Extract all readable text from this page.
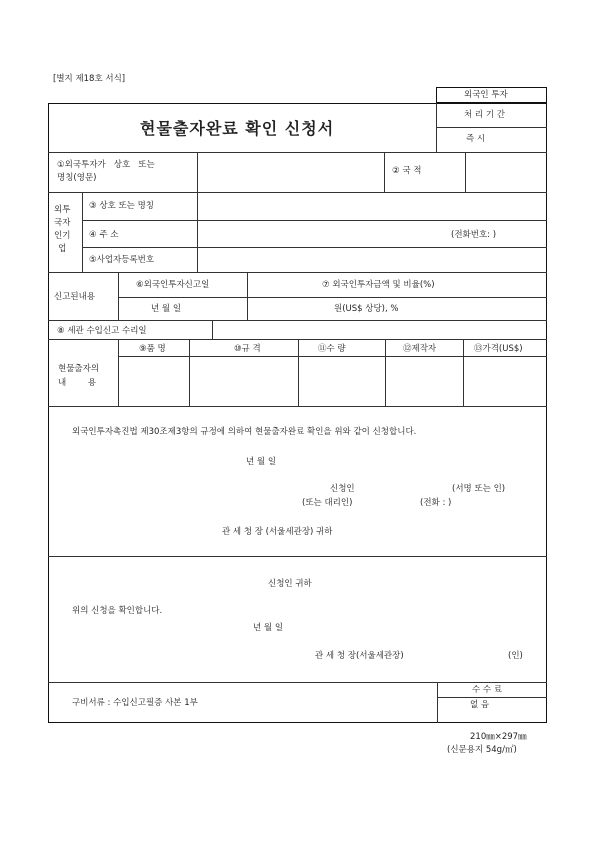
[별지 제18호 서식]
외국인 투자
현물출자완료 확인 신청서
처 리 기 간
즉 시
①외국투자가   상호   또는
명칭(영문)
② 국 적
외투
국자
인기
업
③ 상호 또는 명칭
④ 주 소	(전화번호: )
⑤사업자등록번호
신고된내용
⑥외국인투자신고일	⑦ 외국인투자금액 및 비율(%)
년 월 일	원(US$ 상당), %
⑧ 세관 수입신고 수리일
현물출자의
내        용
⑨품 명	⑩규 격	⑪수 량	⑫제작자	⑬가격(US$)
외국인투자촉진법 제30조제3항의 규정에 의하여 현물출자완료 확인을 위와 같이 신청합니다.
년 월 일
신청인	(서명 또는 인)
(또는 대리인)	(전화 : )
관 세 청 장 (서울세관장) 귀하
신청인 귀하
위의 신청을 확인합니다.
년 월 일
관 세 청 장(서울세관장)	(인)
구비서류 : 수입신고필증 사본 1부
수 수 료
없 음
210㎜×297㎜
(신문용지 54g/㎡)
